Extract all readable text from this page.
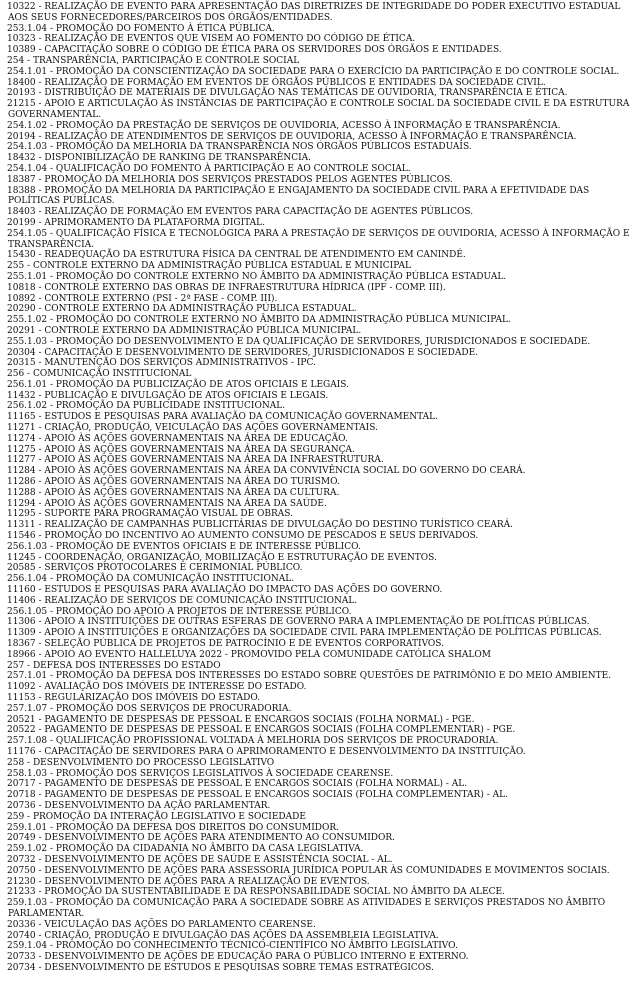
10322 - REALIZAÇÃO DE EVENTO PARA APRESENTAÇÃO DAS DIRETRIZES DE INTEGRIDADE DO PODER EXECUTIVO ESTADUAL AOS SEUS FORNECEDORES/PARCEIROS DOS ÓRGÃOS/ENTIDADES.

253.1.04 - PROMOÇÃO DO FOMENTO À ÉTICA PÚBLICA.

10323 - REALIZAÇÃO DE EVENTOS QUE VISEM AO FOMENTO DO CÓDIGO DE ÉTICA.

10389 - CAPACITAÇÃO SOBRE O CÓDIGO DE ÉTICA PARA OS SERVIDORES DOS ÓRGÃOS E ENTIDADES.

254 - TRANSPARÊNCIA, PARTICIPAÇÃO E CONTROLE SOCIAL

254.1.01 - PROMOÇÃO DA CONSCIENTIZAÇÃO DA SOCIEDADE PARA O EXERCÍCIO DA PARTICIPAÇÃO E DO CONTROLE SOCIAL.

18400 - REALIZAÇÃO DE FORMAÇÃO EM EVENTOS DE ÓRGÃOS PÚBLICOS E ENTIDADES DA SOCIEDADE CIVIL.

20193 - DISTRIBUIÇÃO DE MATERIAIS DE DIVULGAÇÃO NAS TEMÁTICAS DE OUVIDORIA, TRANSPARÊNCIA E ÉTICA.

21215 - APOIO E ARTICULAÇÃO ÀS INSTÂNCIAS DE PARTICIPAÇÃO E CONTROLE SOCIAL DA SOCIEDADE CIVIL E DA ESTRUTURA GOVERNAMENTAL.

254.1.02 - PROMOÇÃO DA PRESTAÇÃO DE SERVIÇOS DE OUVIDORIA, ACESSO À INFORMAÇÃO E TRANSPARÊNCIA.

20194 - REALIZAÇÃO DE ATENDIMENTOS DE SERVIÇOS DE OUVIDORIA, ACESSO À INFORMAÇÃO E TRANSPARÊNCIA.

254.1.03 - PROMOÇÃO DA MELHORIA DA TRANSPARÊNCIA NOS ÓRGÃOS PÚBLICOS ESTADUAIS.

18432 - DISPONIBILIZAÇÃO DE RANKING DE TRANSPARÊNCIA.

254.1.04 - QUALIFICAÇÃO DO FOMENTO À PARTICIPAÇÃO E AO CONTROLE SOCIAL.

18387 - PROMOÇÃO DA MELHORIA DOS SERVIÇOS PRESTADOS PELOS AGENTES PÚBLICOS.

18388 - PROMOÇÃO DA MELHORIA DA PARTICIPAÇÃO E ENGAJAMENTO DA SOCIEDADE CIVIL PARA A EFETIVIDADE DAS POLÍTICAS PÚBLICAS.

18403 - REALIZAÇÃO DE FORMAÇÃO EM EVENTOS PARA CAPACITAÇÃO DE AGENTES PÚBLICOS.

20199 - APRIMORAMENTO DA PLATAFORMA DIGITAL.

254.1.05 - QUALIFICAÇÃO FÍSICA E TECNOLÓGICA PARA A PRESTAÇÃO DE SERVIÇOS DE OUVIDORIA, ACESSO À INFORMAÇÃO E TRANSPARÊNCIA.

15430 - READEQUAÇÃO DA ESTRUTURA FÍSICA DA CENTRAL DE ATENDIMENTO EM CANINDÉ.

255 - CONTROLE EXTERNO DA ADMINISTRAÇÃO PÚBLICA ESTADUAL E MUNICIPAL

255.1.01 - PROMOÇÃO DO CONTROLE EXTERNO NO ÂMBITO DA ADMINISTRAÇÃO PÚBLICA ESTADUAL.

10818 - CONTROLE EXTERNO DAS OBRAS DE INFRAESTRUTURA HÍDRICA (IPF - COMP. III).

10892 - CONTROLE EXTERNO (PSI - 2ª FASE - COMP. III).

20290 - CONTROLE EXTERNO DA ADMINISTRAÇÃO PÚBLICA ESTADUAL.

255.1.02 - PROMOÇÃO DO CONTROLE EXTERNO NO ÂMBITO DA ADMINISTRAÇÃO PÚBLICA MUNICIPAL.

20291 - CONTROLE EXTERNO DA ADMINISTRAÇÃO PÚBLICA MUNICIPAL.

255.1.03 - PROMOÇÃO DO DESENVOLVIMENTO E DA QUALIFICAÇÃO DE SERVIDORES, JURISDICIONADOS E SOCIEDADE.

20304 - CAPACITAÇÃO E DESENVOLVIMENTO DE SERVIDORES, JURISDICIONADOS E SOCIEDADE.

20315 - MANUTENÇÃO DOS SERVIÇOS ADMINISTRATIVOS - IPC.

256 - COMUNICAÇÃO INSTITUCIONAL

256.1.01 - PROMOÇÃO DA PUBLICIZAÇÃO DE ATOS OFICIAIS E LEGAIS.

11432 - PUBLICAÇÃO E DIVULGAÇÃO DE ATOS OFICIAIS E LEGAIS.

256.1.02 - PROMOÇÃO DA PUBLICIDADE INSTITUCIONAL.

11165 - ESTUDOS E PESQUISAS PARA AVALIAÇÃO DA COMUNICAÇÃO GOVERNAMENTAL.

11271 - CRIAÇÃO, PRODUÇÃO, VEICULAÇÃO DAS AÇÕES GOVERNAMENTAIS.

11274 - APOIO ÀS AÇÕES GOVERNAMENTAIS NA ÁREA DE EDUCAÇÃO.

11275 - APOIO ÀS AÇÕES GOVERNAMENTAIS NA ÁREA DA SEGURANÇA.

11277 - APOIO ÀS AÇÕES GOVERNAMENTAIS NA ÁREA DA INFRAESTRUTURA.

11284 - APOIO ÀS AÇÕES GOVERNAMENTAIS NA ÁREA DA CONVIVÊNCIA SOCIAL DO GOVERNO DO CEARÁ.

11286 - APOIO ÀS AÇÕES GOVERNAMENTAIS NA ÁREA DO TURISMO.

11288 - APOIO ÀS AÇÕES GOVERNAMENTAIS NA ÁREA DA CULTURA.

11294 - APOIO ÀS AÇÕES GOVERNAMENTAIS NA ÁREA DA SAÚDE.

11295 - SUPORTE PARA PROGRAMAÇÃO VISUAL DE OBRAS.

11311 - REALIZAÇÃO DE CAMPANHAS PUBLICITÁRIAS DE DIVULGAÇÃO DO DESTINO TURÍSTICO CEARÁ.

11546 - PROMOÇÃO DO INCENTIVO AO AUMENTO CONSUMO DE PESCADOS E SEUS DERIVADOS.

256.1.03 - PROMOÇÃO DE EVENTOS OFICIAIS E DE INTERESSE PÚBLICO.

11245 - COORDENAÇÃO, ORGANIZAÇÃO, MOBILIZAÇÃO E ESTRUTURAÇÃO DE EVENTOS.

20585 - SERVIÇOS PROTOCOLARES E CERIMONIAL PÚBLICO.

256.1.04 - PROMOÇÃO DA COMUNICAÇÃO INSTITUCIONAL.

11160 - ESTUDOS E PESQUISAS PARA AVALIAÇÃO DO IMPACTO DAS AÇÕES DO GOVERNO.

11406 - REALIZAÇÃO DE SERVIÇOS DE COMUNICAÇÃO INSTITUCIONAL.

256.1.05 - PROMOÇÃO DO APOIO A PROJETOS DE INTERESSE PÚBLICO.

11306 - APOIO A INSTITUIÇÕES DE OUTRAS ESFERAS DE GOVERNO PARA A IMPLEMENTAÇÃO DE POLÍTICAS PÚBLICAS.

11309 - APOIO A INSTITUIÇÕES E ORGANIZAÇÕES DA SOCIEDADE CIVIL PARA IMPLEMENTAÇÃO DE POLÍTICAS PÚBLICAS.

18367 - SELEÇÃO PÚBLICA DE PROJETOS DE PATROCÍNIO E DE EVENTOS CORPORATIVOS.

18966 - APOIO AO EVENTO HALLELUYA 2022 - PROMOVIDO PELA COMUNIDADE CATÓLICA SHALOM

257 - DEFESA DOS INTERESSES DO ESTADO

257.1.01 - PROMOÇÃO DA DEFESA DOS INTERESSES DO ESTADO SOBRE QUESTÕES DE PATRIMÔNIO E DO MEIO AMBIENTE.

11092 - AVALIAÇÃO DOS IMÓVEIS DE INTERESSE DO ESTADO.

11153 - REGULARIZAÇÃO DOS IMÓVEIS DO ESTADO.

257.1.07 - PROMOÇÃO DOS SERVIÇOS DE PROCURADORIA.

20521 - PAGAMENTO DE DESPESAS DE PESSOAL E ENCARGOS SOCIAIS (FOLHA NORMAL) - PGE.

20522 - PAGAMENTO DE DESPESAS DE PESSOAL E ENCARGOS SOCIAIS (FOLHA COMPLEMENTAR) - PGE.

257.1.08 - QUALIFICAÇÃO PROFISSIONAL VOLTADA À MELHORIA DOS SERVIÇOS DE PROCURADORIA.

11176 - CAPACITAÇÃO DE SERVIDORES PARA O APRIMORAMENTO E DESENVOLVIMENTO DA INSTITUIÇÃO.

258 - DESENVOLVIMENTO DO PROCESSO LEGISLATIVO

258.1.03 - PROMOÇÃO DOS SERVIÇOS LEGISLATIVOS À SOCIEDADE CEARENSE.

20717 - PAGAMENTO DE DESPESAS DE PESSOAL E ENCARGOS SOCIAIS (FOLHA NORMAL) - AL.

20718 - PAGAMENTO DE DESPESAS DE PESSOAL E ENCARGOS SOCIAIS (FOLHA COMPLEMENTAR) - AL.

20736 - DESENVOLVIMENTO DA AÇÃO PARLAMENTAR.

259 - PROMOÇÃO DA INTERAÇÃO LEGISLATIVO E SOCIEDADE

259.1.01 - PROMOÇÃO DA DEFESA DOS DIREITOS DO CONSUMIDOR.

20749 - DESENVOLVIMENTO DE AÇÕES PARA ATENDIMENTO AO CONSUMIDOR.

259.1.02 - PROMOÇÃO DA CIDADANIA NO ÂMBITO DA CASA LEGISLATIVA.

20732 - DESENVOLVIMENTO DE AÇÕES DE SAÚDE E ASSISTÊNCIA SOCIAL - AL.

20750 - DESENVOLVIMENTO DE AÇÕES PARA ASSESSORIA JURÍDICA POPULAR ÀS COMUNIDADES E MOVIMENTOS SOCIAIS.

21230 - DESENVOLVIMENTO DE AÇÕES PARA A REALIZAÇÃO DE EVENTOS.

21233 - PROMOÇÃO DA SUSTENTABILIDADE E DA RESPONSABILIDADE SOCIAL NO ÂMBITO DA ALECE.

259.1.03 - PROMOÇÃO DA COMUNICAÇÃO PARA A SOCIEDADE SOBRE AS ATIVIDADES E SERVIÇOS PRESTADOS NO ÂMBITO PARLAMENTAR.

20336 - VEICULAÇÃO DAS AÇÕES DO PARLAMENTO CEARENSE.

20740 - CRIAÇÃO, PRODUÇÃO E DIVULGAÇÃO DAS AÇÕES DA ASSEMBLEIA LEGISLATIVA.

259.1.04 - PROMOÇÃO DO CONHECIMENTO TÉCNICO-CIENTÍFICO NO ÂMBITO LEGISLATIVO.

20733 - DESENVOLVIMENTO DE AÇÕES DE EDUCAÇÃO PARA O PÚBLICO INTERNO E EXTERNO.

20734 - DESENVOLVIMENTO DE ESTUDOS E PESQUISAS SOBRE TEMAS ESTRATÉGICOS.
